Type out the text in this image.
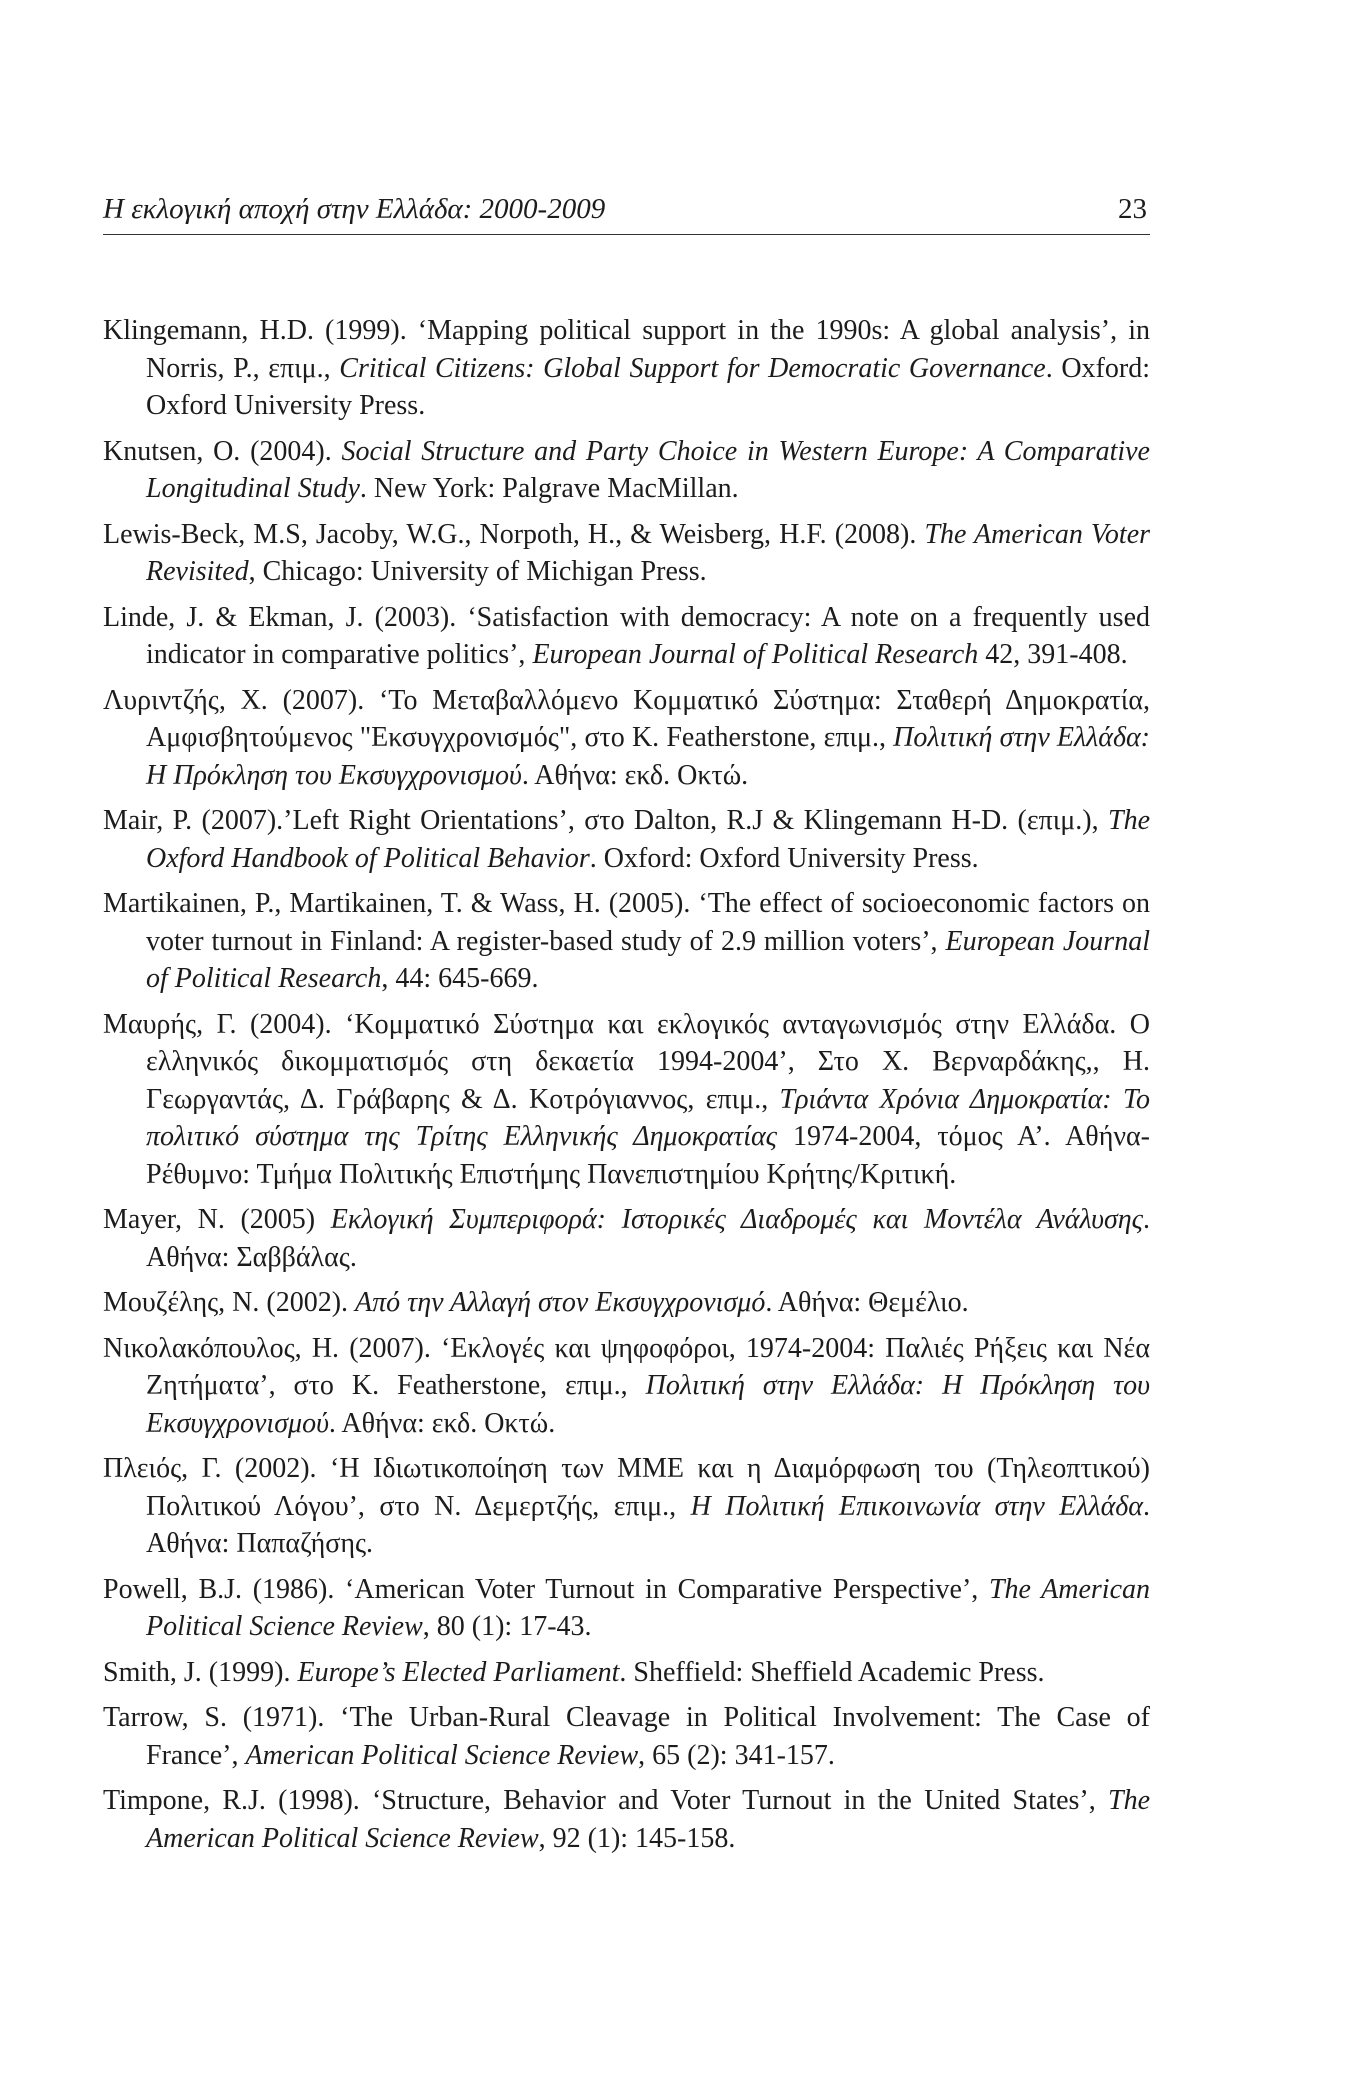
Η εκλογική αποχή στην Ελλάδα: 2000-2009	23

Klingemann, H.D. (1999). ‘Mapping political support in the 1990s: A global analysis’, in Norris, P., επιμ., Critical Citizens: Global Support for Democratic Governance. Oxford: Oxford University Press.

Knutsen, O. (2004). Social Structure and Party Choice in Western Europe: A Comparative Longitudinal Study. New York: Palgrave MacMillan.

Lewis-Beck, M.S, Jacoby, W.G., Norpoth, H., & Weisberg, H.F. (2008). The American Voter Revisited, Chicago: University of Michigan Press.

Linde, J. & Ekman, J. (2003). ‘Satisfaction with democracy: A note on a frequently used indicator in comparative politics’, European Journal of Political Research 42, 391-408.

Λυριντζής, Χ. (2007). ‘Το Μεταβαλλόμενο Κομματικό Σύστημα: Σταθερή Δημοκρατία, Αμφισβητούμενος "Εκσυγχρονισμός", στο K. Featherstone, επιμ., Πολιτική στην Ελλάδα: Η Πρόκληση του Εκσυγχρονισμού. Αθήνα: εκδ. Οκτώ.

Mair, P. (2007).’Left Right Orientations’, στο Dalton, R.J & Klingemann H-D. (επιμ.), The Oxford Handbook of Political Behavior. Oxford: Oxford University Press.

Martikainen, P., Martikainen, T. & Wass, H. (2005). ‘The effect of socioeconomic factors on voter turnout in Finland: A register-based study of 2.9 million voters’, European Journal of Political Research, 44: 645-669.

Μαυρής, Γ. (2004). ‘Κομματικό Σύστημα και εκλογικός ανταγωνισμός στην Ελλάδα. Ο ελληνικός δικομματισμός στη δεκαετία 1994-2004’, Στο Χ. Βερναρδάκης,, Η. Γεωργαντάς, Δ. Γράβαρης & Δ. Κοτρόγιαννος, επιμ., Τριάντα Χρόνια Δημοκρατία: Το πολιτικό σύστημα της Τρίτης Ελληνικής Δημοκρατίας 1974-2004, τόμος Α’. Αθήνα-Ρέθυμνο: Τμήμα Πολιτικής Επιστήμης Πανεπιστημίου Κρήτης/Κριτική.

Mayer, N. (2005) Εκλογική Συμπεριφορά: Ιστορικές Διαδρομές και Μοντέλα Ανάλυσης. Αθήνα: Σαββάλας.

Μουζέλης, Ν. (2002). Από την Αλλαγή στον Εκσυγχρονισμό. Αθήνα: Θεμέλιο.

Νικολακόπουλος, Η. (2007). ‘Εκλογές και ψηφοφόροι, 1974-2004: Παλιές Ρήξεις και Νέα Ζητήματα’, στο K. Featherstone, επιμ., Πολιτική στην Ελλάδα: Η Πρόκληση του Εκσυγχρονισμού. Αθήνα: εκδ. Οκτώ.

Πλειός, Γ. (2002). ‘Η Ιδιωτικοποίηση των ΜΜΕ και η Διαμόρφωση του (Τηλεοπτικού) Πολιτικού Λόγου’, στο Ν. Δεμερτζής, επιμ., Η Πολιτική Επικοινωνία στην Ελλάδα. Αθήνα: Παπαζήσης.

Powell, B.J. (1986). ‘American Voter Turnout in Comparative Perspective’, The American Political Science Review, 80 (1): 17-43.

Smith, J. (1999). Europe’s Elected Parliament. Sheffield: Sheffield Academic Press.

Tarrow, S. (1971). ‘The Urban-Rural Cleavage in Political Involvement: The Case of France’, American Political Science Review, 65 (2): 341-157.

Timpone, R.J. (1998). ‘Structure, Behavior and Voter Turnout in the United States’, The American Political Science Review, 92 (1): 145-158.
